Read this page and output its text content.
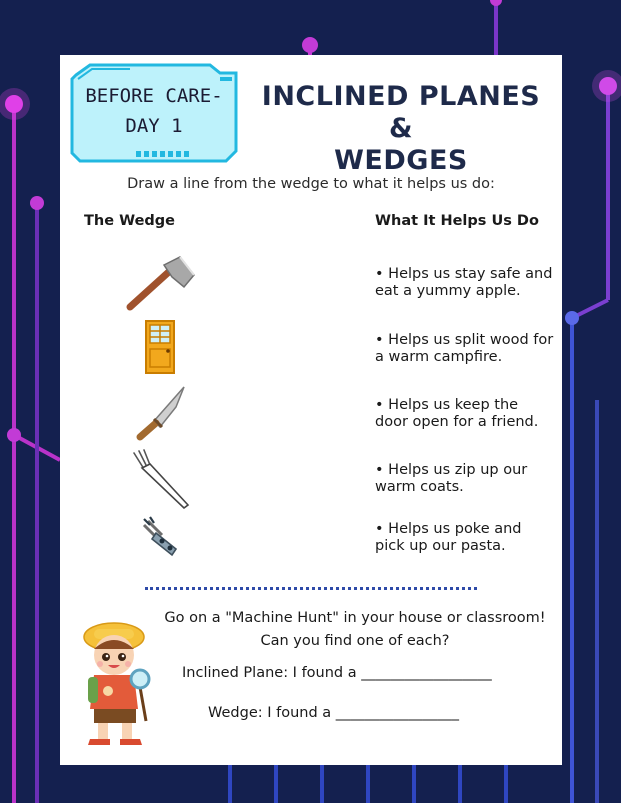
BEFORE CARE-
DAY 1
INCLINED PLANES &
WEDGES
Draw a line from the wedge to what it helps us do:
The Wedge	What It Helps Us Do
• Helps us stay safe and eat a yummy apple.
• Helps us split wood for a warm campfire.
• Helps us keep the door open for a friend.
• Helps us zip up our warm coats.
• Helps us poke and pick up our pasta.
Go on a "Machine Hunt" in your house or classroom!
Can you find one of each?
Inclined Plane: I found a __________________
Wedge: I found a _________________
